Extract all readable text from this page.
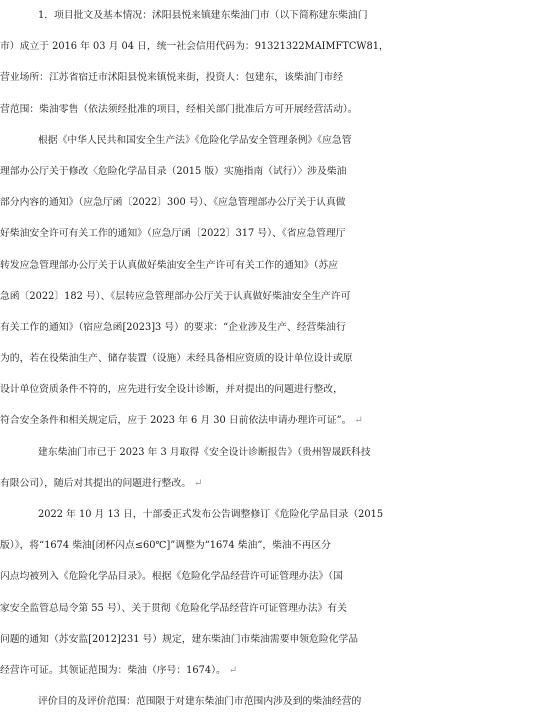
1．项目批文及基本情况：沭阳县悦来镇建东柴油门市（以下简称建东柴油门
市）成立于 2016 年 03 月 04 日，统一社会信用代码为：91321322MAIMFTCW81，
营业场所：江苏省宿迁市沭阳县悦来镇悦来街，投资人：包建东，该柴油门市经
营范围：柴油零售（依法须经批准的项目，经相关部门批准后方可开展经营活动）。
根据《中华人民共和国安全生产法》《危险化学品安全管理条例》《应急管
理部办公厅关于修改〈危险化学品目录（2015 版）实施指南（试行）〉涉及柴油
部分内容的通知》（应急厅函〔2022〕300 号）、《应急管理部办公厅关于认真做
好柴油安全许可有关工作的通知》（应急厅函〔2022〕317 号）、《省应急管理厅
转发应急管理部办公厅关于认真做好柴油安全生产许可有关工作的通知》（苏应
急函〔2022〕182 号）、《层转应急管理部办公厅关于认真做好柴油安全生产许可
有关工作的通知》（宿应急函[2023]3 号）的要求：“企业涉及生产、经营柴油行
为的，若在役柴油生产、储存装置（设施）未经具备相应资质的设计单位设计或原
设计单位资质条件不符的，应先进行安全设计诊断，并对提出的问题进行整改，
符合安全条件和相关规定后，应于 2023 年 6 月 30 日前依法申请办理许可证”。 ↵
建东柴油门市已于 2023 年 3 月取得《安全设计诊断报告》（贵州智晟跃科技
有限公司），随后对其提出的问题进行整改。 ↵
2022 年 10 月 13 日，十部委正式发布公告调整修订《危险化学品目录（2015
版）》，将“1674 柴油[闭杯闪点≤60℃]”调整为“1674 柴油”，柴油不再区分
闪点均被列入《危险化学品目录》。根据《危险化学品经营许可证管理办法》（国
家安全监管总局令第 55 号）、关于贯彻《危险化学品经营许可证管理办法》有关
问题的通知（苏安监[2012]231 号）规定，建东柴油门市柴油需要申领危险化学品
经营许可证。其领证范围为：柴油（序号：1674）。 ↵
评价目的及评价范围：范围限于对建东柴油门市范围内涉及到的柴油经营的
